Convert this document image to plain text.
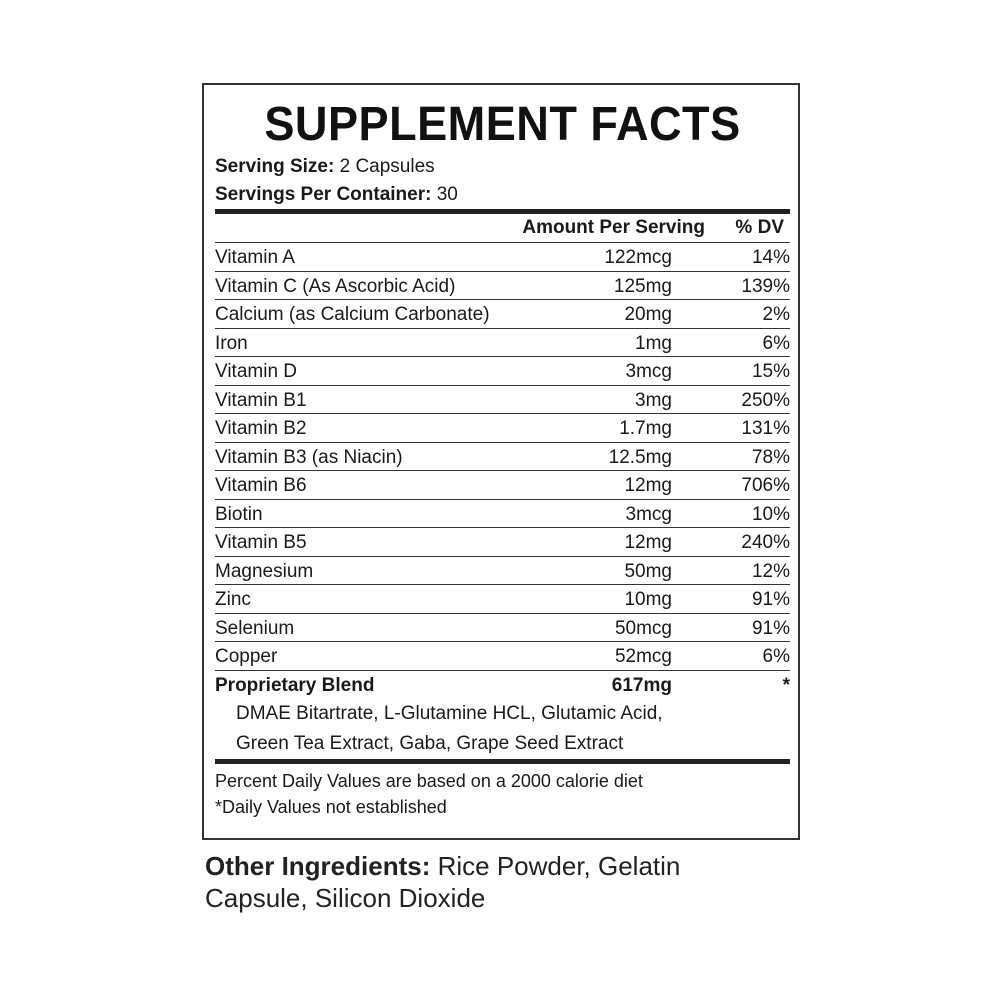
SUPPLEMENT FACTS
Serving Size: 2 Capsules
Servings Per Container: 30
Amount Per Serving % DV
Vitamin A	122mcg	14%
Vitamin C (As Ascorbic Acid)	125mg	139%
Calcium (as Calcium Carbonate)	20mg	2%
Iron	1mg	6%
Vitamin D	3mcg	15%
Vitamin B1	3mg	250%
Vitamin B2	1.7mg	131%
Vitamin B3 (as Niacin)	12.5mg	78%
Vitamin B6	12mg	706%
Biotin	3mcg	10%
Vitamin B5	12mg	240%
Magnesium	50mg	12%
Zinc	10mg	91%
Selenium	50mcg	91%
Copper	52mcg	6%
Proprietary Blend	617mg	*
DMAE Bitartrate, L-Glutamine HCL, Glutamic Acid,
Green Tea Extract, Gaba, Grape Seed Extract
Percent Daily Values are based on a 2000 calorie diet
*Daily Values not established
Other Ingredients: Rice Powder, Gelatin Capsule, Silicon Dioxide
